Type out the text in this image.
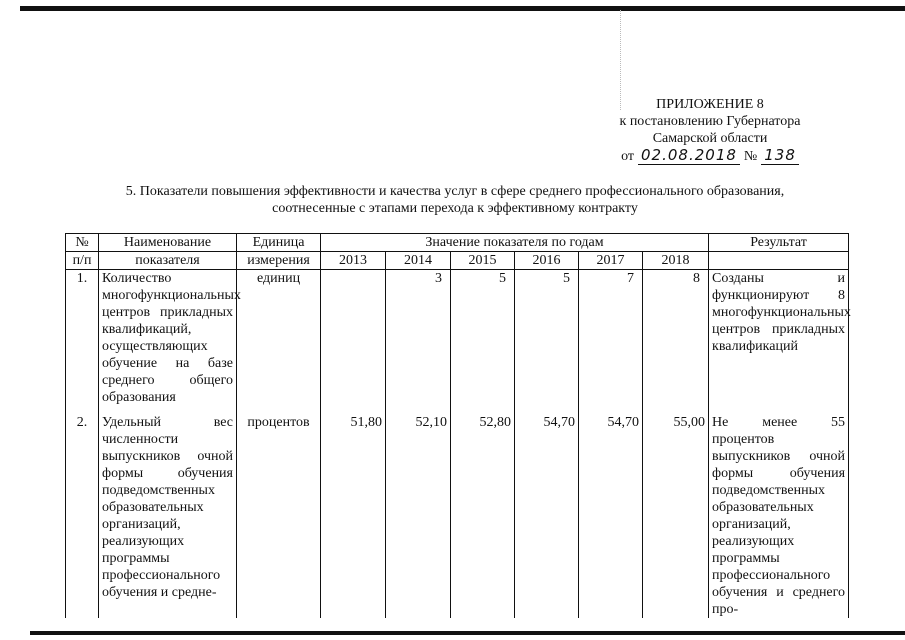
ПРИЛОЖЕНИЕ 8
к постановлению Губернатора
Самарской области
от 02.08.2018 № 138
5. Показатели повышения эффективности и качества услуг в сфере среднего профессионального образования,
соотнесенные с этапами перехода к эффективному контракту
№	Наименование	Единица	Значение показателя по годам						Результат
п/п	показателя	измерения	2013	2014	2015	2016	2017	2018	
1.	Количество многофункциональных центров прикладных квалификаций, осуществляющих обучение на базе среднего общего образования	единиц		3	5	5	7	8	Созданы и функционируют 8 многофункциональных центров прикладных квалификаций

2.	Удельный вес численности выпускников очной формы обучения подведомственных образовательных организаций, реализующих программы профессионального обучения и средне-	процентов	51,80	52,10	52,80	54,70	54,70	55,00	Не менее 55 процентов выпускников очной формы обучения подведомственных образовательных организаций, реализующих программы профессионального обучения и среднего про-
